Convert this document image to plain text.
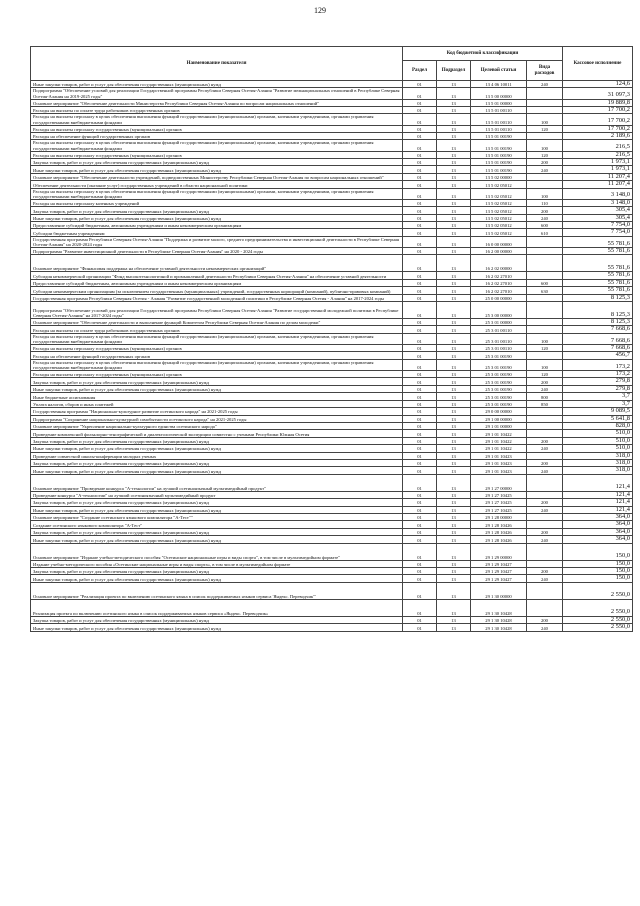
129
Наименование показателя	Код бюджетной классификации				Кассовое исполнение
	Раздел	Подраздел	Целевой статьи	Вида расходов	
Иные закупки товаров, работ и услуг для обеспечения государственных (муниципальных) нужд	01	13	13 4 06 10011	240	124,6
Подпрограмма "Обеспечение условий для реализации Государственной программы Республики Северная Осетия-Алания "Развитие межнациональных отношений в Республике Северная Осетия-Алания на 2019-2025 годы"	01	13	13 5 00 00000		31 097,3
Основное мероприятие "Обеспечение деятельности Министерства Республики Северная Осетия-Алания по вопросам национальных отношений"	01	13	13 5 01 00000		19 889,8
Расходы на выплаты по оплате труда работников государственных органов	01	13	13 5 01 00110		17 700,2
Расходы на выплаты персоналу в целях обеспечения выполнения функций государственными (муниципальными) органами, казенными учреждениями, органами управления государственными внебюджетными фондами	01	13	13 5 01 00110	100	17 700,2
Расходы на выплаты персоналу государственных (муниципальных) органов	01	13	13 5 01 00110	120	17 700,2
Расходы на обеспечение функций государственных органов	01	13	13 5 01 00190		2 189,6
Расходы на выплаты персоналу в целях обеспечения выполнения функций государственными (муниципальными) органами, казенными учреждениями, органами управления государственными внебюджетными фондами	01	13	13 5 01 00190	100	216,5
Расходы на выплаты персоналу государственных (муниципальных) органов	01	13	13 5 01 00190	120	216,5
Закупка товаров, работ и услуг для обеспечения государственных (муниципальных) нужд	01	13	13 5 01 00190	200	1 973,1
Иные закупки товаров, работ и услуг для обеспечения государственных (муниципальных) нужд	01	13	13 5 01 00190	240	1 973,1
Основное мероприятие "Обеспечение деятельности учреждений, подведомственных Министерству Республики Северная Осетия-Алания по вопросам национальных отношений"	01	13	13 5 02 00000		11 207,4
Обеспечение деятельности (оказание услуг) государственных учреждений в области национальной политики	01	13	13 5 02 05012		11 207,4
Расходы на выплаты персоналу в целях обеспечения выполнения функций государственными (муниципальными) органами, казенными учреждениями, органами управления государственными внебюджетными фондами	01	13	13 5 02 05012	100	3 148,0
Расходы на выплаты персоналу казенных учреждений	01	13	13 5 02 05012	110	3 148,0
Закупка товаров, работ и услуг для обеспечения государственных (муниципальных) нужд	01	13	13 5 02 05012	200	305,4
Иные закупки товаров, работ и услуг для обеспечения государственных (муниципальных) нужд	01	13	13 5 02 05012	240	305,4
Предоставление субсидий бюджетным, автономным учреждениям и иным некоммерческим организациям	01	13	13 5 02 05012	600	7 754,0
Субсидии бюджетным учреждениям	01	13	13 5 02 05012	610	7 754,0
Государственная программа Республики Северная Осетия-Алания "Поддержка и развитие малого, среднего предпринимательства и инвестиционной деятельности в Республике Северная Осетия-Алания" на 2020-2024 годы	01	13	16 0 00 00000		55 781,6
Подпрограмма "Развитие инвестиционной деятельности в Республике Северная Осетия-Алания" на 2020 - 2024 годы	01	13	16 2 00 00000		55 781,6
Основное мероприятие "Финансовая поддержка на обеспечение уставной деятельности некоммерческих организаций"	01	13	16 2 02 00000		55 781,6
Субсидия некоммерческой организации "Фонд высокотехнологичной и промышленной деятельности Республики Северная Осетия-Алания" на обеспечение уставной деятельности	01	13	16 2 02 27010		55 781,6
Предоставление субсидий бюджетным, автономным учреждениям и иным некоммерческим организациям	01	13	16 2 02 27010	600	55 781,6
Субсидии некоммерческим организациям (за исключением государственных (муниципальных) учреждений, государственных корпораций (компаний), публично-правовых компаний)	01	13	16 2 02 27010	630	55 781,6
Государственная программа Республики Северная Осетия - Алания "Развитие государственной молодежной политики в Республике Северная Осетия - Алания" на 2017-2024 годы	01	13	25 0 00 00000		8 125,3
Подпрограмма "Обеспечение условий для реализации Государственной программы Республики Северная Осетия-Алания "Развитие государственной молодежной политики в Республике Северная Осетия-Алания" на 2017-2024 годы"	01	13	25 3 00 00000		8 125,3
Основное мероприятие "Обеспечение деятельности и выполнение функций Комитетом Республики Северная Осетия-Алания по делам молодежи"	01	13	25 3 01 00000		8 125,3
Расходы на выплаты по оплате труда работников государственных органов	01	13	25 3 01 00110		7 668,6
Расходы на выплаты персоналу в целях обеспечения выполнения функций государственными (муниципальными) органами, казенными учреждениями, органами управления государственными внебюджетными фондами	01	13	25 3 01 00110	100	7 668,6
Расходы на выплаты персоналу государственных (муниципальных) органов	01	13	25 3 01 00110	120	7 668,6
Расходы на обеспечение функций государственных органов	01	13	25 3 01 00190		456,7
Расходы на выплаты персоналу в целях обеспечения выполнения функций государственными (муниципальными) органами, казенными учреждениями, органами управления государственными внебюджетными фондами	01	13	25 3 01 00190	100	173,2
Расходы на выплаты персоналу государственных (муниципальных) органов	01	13	25 3 01 00190	120	173,2
Закупка товаров, работ и услуг для обеспечения государственных (муниципальных) нужд	01	13	25 3 01 00190	200	279,8
Иные закупки товаров, работ и услуг для обеспечения государственных (муниципальных) нужд	01	13	25 3 01 00190	240	279,8
Иные бюджетные ассигнования	01	13	25 3 01 00190	800	3,7
Уплата налогов, сборов и иных платежей	01	13	25 3 01 00190	850	3,7
Государственная программа "Национально-культурное развитие осетинского народа" на 2021-2025 годы	01	13	29 0 00 00000		9 089,5
Подпрограмма "Сохранение национально-культурной самобытности осетинского народа" на 2021-2025 годы	01	13	29 1 00 00000		5 641,8
Основное мероприятие "Укрепление национально-культурного единства осетинского народа"	01	13	29 1 01 00000		828,0
Проведение комплексной фольклорно-этнографической и диалектологической экспедиции совместно с учеными Республики Южная Осетия	01	13	29 1 01 10422		510,0
Закупка товаров, работ и услуг для обеспечения государственных (муниципальных) нужд	01	13	29 1 01 10422	200	510,0
Иные закупки товаров, работ и услуг для обеспечения государственных (муниципальных) нужд	01	13	29 1 01 10422	240	510,0
Проведение совместной школы-конференции молодых ученых	01	13	29 1 01 10423		318,0
Закупка товаров, работ и услуг для обеспечения государственных (муниципальных) нужд	01	13	29 1 01 10423	200	318,0
Иные закупки товаров, работ и услуг для обеспечения государственных (муниципальных) нужд	01	13	29 1 01 10423	240	318,0
Основное мероприятие "Проведение конкурса "А-технологии" на лучший осетиноязычный мультимедийный продукт"	01	13	29 1 27 00000		121,4
Проведение конкурса "А-технологии" на лучший осетиноязычный мультимедийный продукт	01	13	29 1 27 10425		121,4
Закупка товаров, работ и услуг для обеспечения государственных (муниципальных) нужд	01	13	29 1 27 10425	200	121,4
Иные закупки товаров, работ и услуг для обеспечения государственных (муниципальных) нужд	01	13	29 1 27 10425	240	121,4
Основное мероприятие "Создание осетинского языкового компилятора "А-Тест""	01	13	29 1 28 00000		364,0
Создание осетинского языкового компилятора "А-Тест"	01	13	29 1 28 10426		364,0
Закупка товаров, работ и услуг для обеспечения государственных (муниципальных) нужд	01	13	29 1 28 10426	200	364,0
Иные закупки товаров, работ и услуг для обеспечения государственных (муниципальных) нужд	01	13	29 1 28 10426	240	364,0
Основное мероприятие "Издание учебно-методического пособия "Осетинские национальные игры и виды спорта", в том числе в мультимедийном формате"	01	13	29 1 29 00000		150,0
Издание учебно-методического пособия «Осетинские национальные игры и виды спорта», в том числе в мультимедийном формате	01	13	29 1 29 10427		150,0
Закупка товаров, работ и услуг для обеспечения государственных (муниципальных) нужд	01	13	29 1 29 10427	200	150,0
Иные закупки товаров, работ и услуг для обеспечения государственных (муниципальных) нужд	01	13	29 1 29 10427	240	150,0
Основное мероприятие "Реализация проекта по включению осетинского языка в список поддерживаемых языков сервиса 'Яндекс. Переводчик'"	01	13	29 1 30 00000		2 550,0
Реализация проекта по включению осетинского языка в список поддерживаемых языков сервиса «Яндекс. Переводчик»	01	13	29 1 30 10428		2 550,0
Закупка товаров, работ и услуг для обеспечения государственных (муниципальных) нужд	01	13	29 1 30 10428	200	2 550,0
Иные закупки товаров, работ и услуг для обеспечения государственных (муниципальных) нужд	01	13	29 1 30 10428	240	2 550,0
